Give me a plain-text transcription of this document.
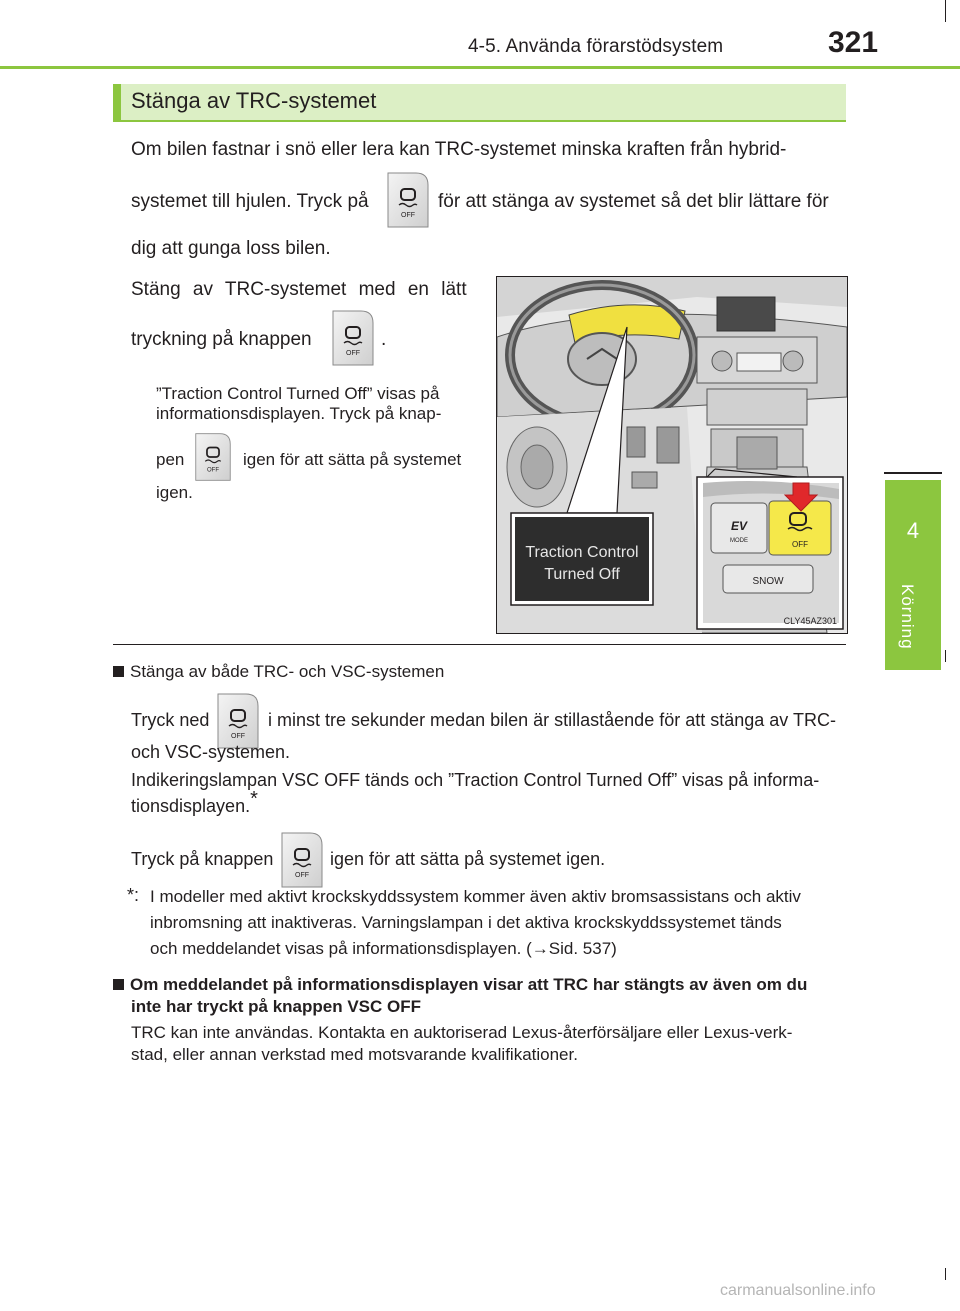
4-5. Använda förarstödsystem	321
4
Körning
Stänga av TRC-systemet
Om bilen fastnar i snö eller lera kan TRC-systemet minska kraften från hybrid-
systemet till hjulen. Tryck på
OFF
för att stänga av systemet så det blir lättare för
dig att gunga loss bilen.
Stäng av TRC-systemet med en lätt
tryckning på knappen
OFF
.
”Traction Control Turned Off” visas på
informationsdisplayen. Tryck på knap-
pen
OFF
igen för att sätta på systemet
igen.
Traction Control
Turned Off
EV
MODE	OFF
SNOW
CLY45AZ301
Stänga av både TRC- och VSC-systemen
Tryck ned
OFF
i minst tre sekunder medan bilen är stillastående för att stänga av TRC-
och VSC-systemen.
Indikeringslampan VSC OFF tänds och ”Traction Control Turned Off” visas på informa-
tionsdisplayen.*
Tryck på knappen
OFF
igen för att sätta på systemet igen.
*: I modeller med aktivt krockskyddssystem kommer även aktiv bromsassistans och aktiv
inbromsning att inaktiveras. Varningslampan i det aktiva krockskyddssystemet tänds
och meddelandet visas på informationsdisplayen. (→Sid. 537)
Om meddelandet på informationsdisplayen visar att TRC har stängts av även om du
inte har tryckt på knappen VSC OFF
TRC kan inte användas. Kontakta en auktoriserad Lexus-återförsäljare eller Lexus-verk-
stad, eller annan verkstad med motsvarande kvalifikationer.
carmanualsonline.info
